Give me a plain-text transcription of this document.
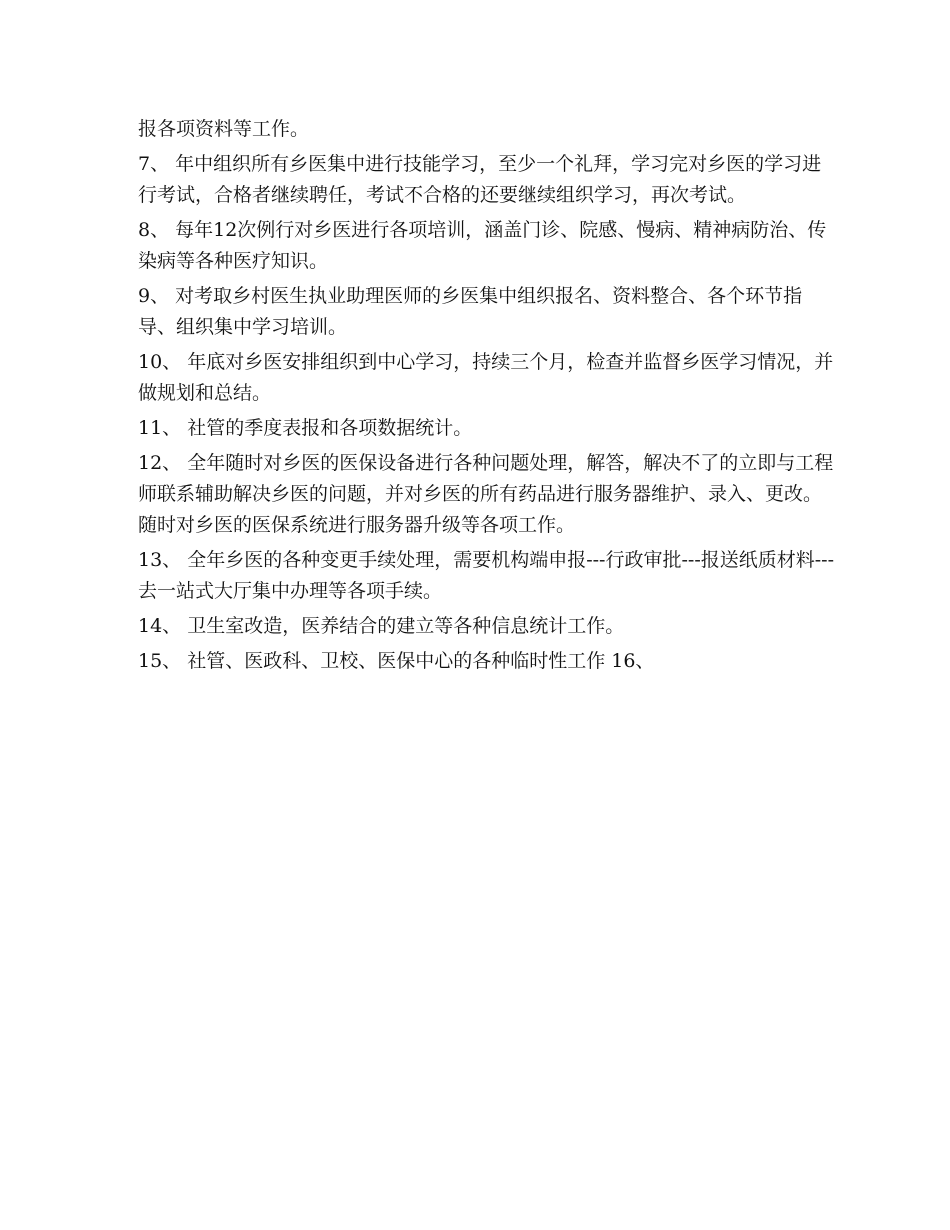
报各项资料等工作。

7、 年中组织所有乡医集中进行技能学习，至少一个礼拜，学习完对乡医的学习进行考试，合格者继续聘任，考试不合格的还要继续组织学习，再次考试。

8、 每年12次例行对乡医进行各项培训，涵盖门诊、院感、慢病、精神病防治、传染病等各种医疗知识。

9、 对考取乡村医生执业助理医师的乡医集中组织报名、资料整合、各个环节指导、组织集中学习培训。

10、 年底对乡医安排组织到中心学习，持续三个月，检查并监督乡医学习情况，并做规划和总结。

11、 社管的季度表报和各项数据统计。

12、 全年随时对乡医的医保设备进行各种问题处理，解答，解决不了的立即与工程师联系辅助解决乡医的问题，并对乡医的所有药品进行服务器维护、录入、更改。随时对乡医的医保系统进行服务器升级等各项工作。

13、 全年乡医的各种变更手续处理，需要机构端申报---行政审批---报送纸质材料---去一站式大厅集中办理等各项手续。

14、 卫生室改造，医养结合的建立等各种信息统计工作。

15、 社管、医政科、卫校、医保中心的各种临时性工作 16、
